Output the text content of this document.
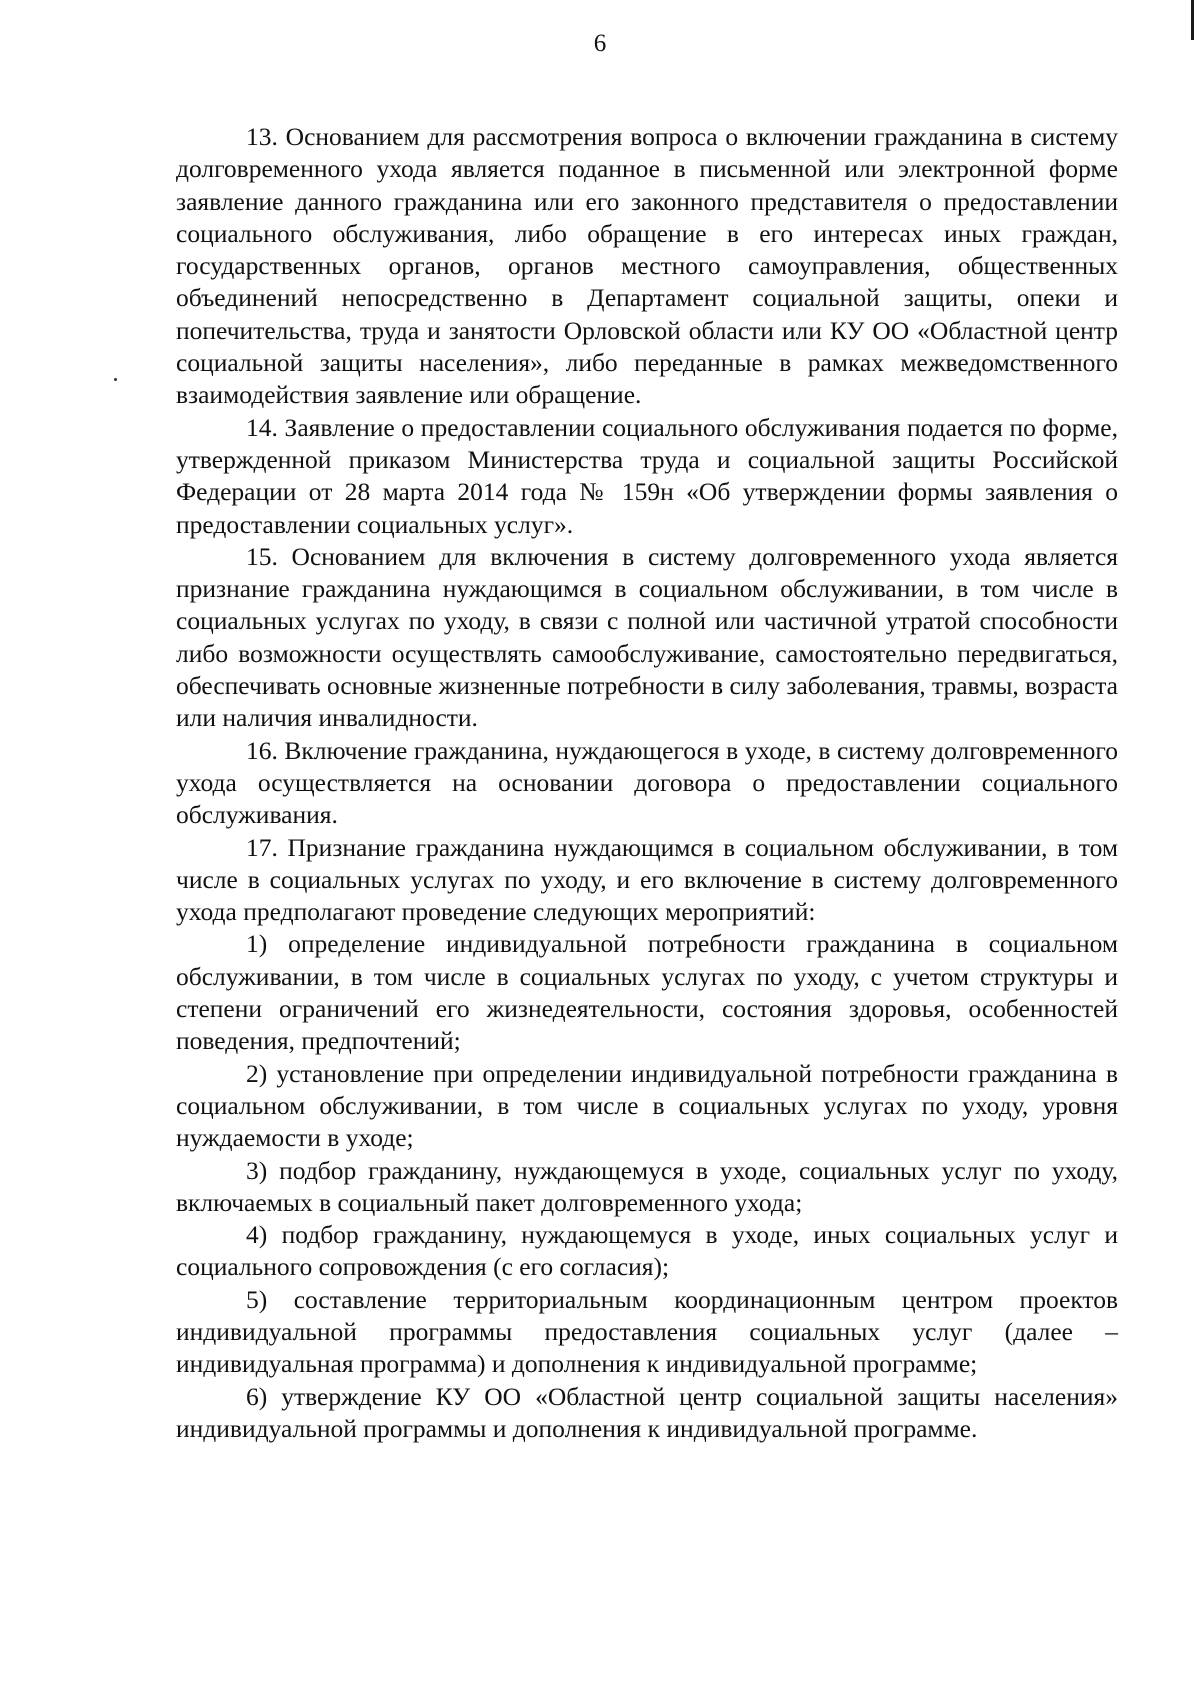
6

13. Основанием для рассмотрения вопроса о включении гражданина в систему долговременного ухода является поданное в письменной или электронной форме заявление данного гражданина или его законного представителя о предоставлении социального обслуживания, либо обращение в его интересах иных граждан, государственных органов, органов местного самоуправления, общественных объединений непосредственно в Департамент социальной защиты, опеки и попечительства, труда и занятости Орловской области или КУ ОО «Областной центр социальной защиты населения», либо переданные в рамках межведомственного взаимодействия заявление или обращение.

14. Заявление о предоставлении социального обслуживания подается по форме, утвержденной приказом Министерства труда и социальной защиты Российской Федерации от 28 марта 2014 года № 159н «Об утверждении формы заявления о предоставлении социальных услуг».

15. Основанием для включения в систему долговременного ухода является признание гражданина нуждающимся в социальном обслуживании, в том числе в социальных услугах по уходу, в связи с полной или частичной утратой способности либо возможности осуществлять самообслуживание, самостоятельно передвигаться, обеспечивать основные жизненные потребности в силу заболевания, травмы, возраста или наличия инвалидности.

16. Включение гражданина, нуждающегося в уходе, в систему долговременного ухода осуществляется на основании договора о предоставлении социального обслуживания.

17. Признание гражданина нуждающимся в социальном обслуживании, в том числе в социальных услугах по уходу, и его включение в систему долговременного ухода предполагают проведение следующих мероприятий:

1) определение индивидуальной потребности гражданина в социальном обслуживании, в том числе в социальных услугах по уходу, с учетом структуры и степени ограничений его жизнедеятельности, состояния здоровья, особенностей поведения, предпочтений;

2) установление при определении индивидуальной потребности гражданина в социальном обслуживании, в том числе в социальных услугах по уходу, уровня нуждаемости в уходе;

3) подбор гражданину, нуждающемуся в уходе, социальных услуг по уходу, включаемых в социальный пакет долговременного ухода;

4) подбор гражданину, нуждающемуся в уходе, иных социальных услуг и социального сопровождения (с его согласия);

5) составление территориальным координационным центром проектов индивидуальной программы предоставления социальных услуг (далее – индивидуальная программа) и дополнения к индивидуальной программе;

6) утверждение КУ ОО «Областной центр социальной защиты населения» индивидуальной программы и дополнения к индивидуальной программе.
